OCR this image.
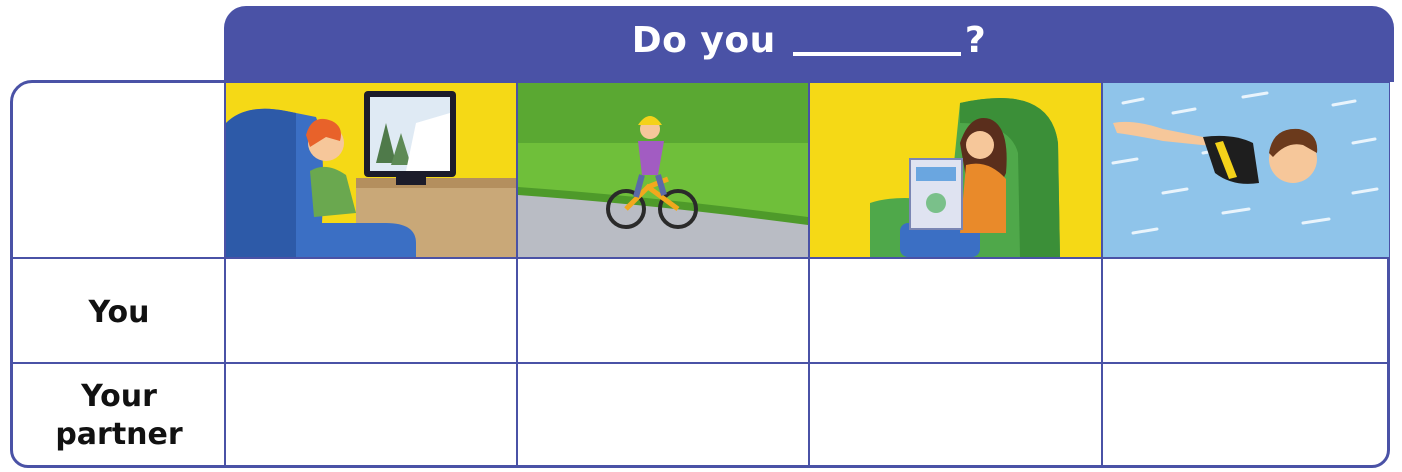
Do you	?
You
Your
partner
